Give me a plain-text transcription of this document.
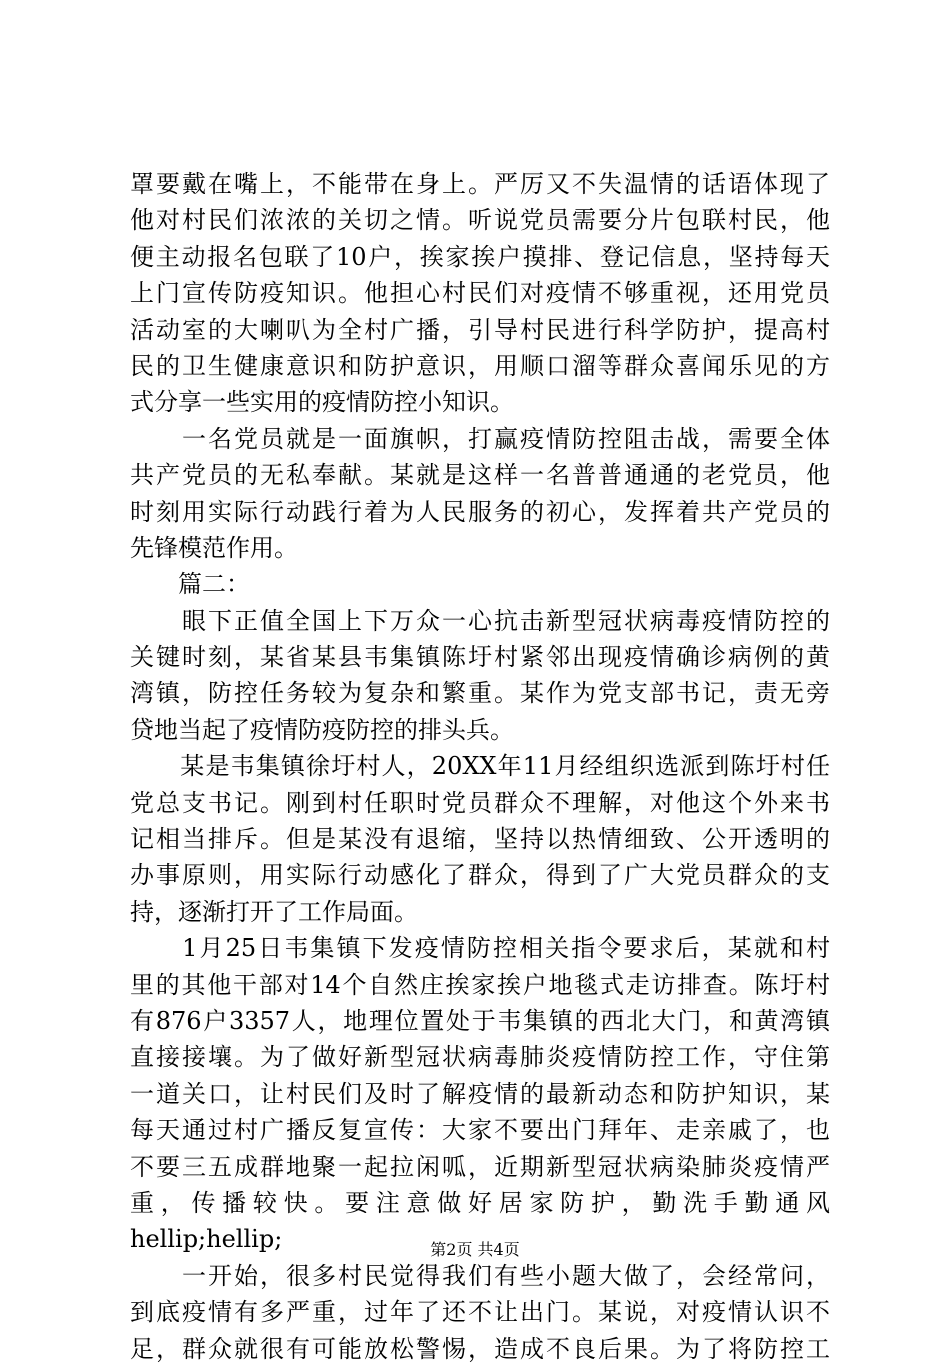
罩要戴在嘴上，不能带在身上。严厉又不失温情的话语体现了
他对村民们浓浓的关切之情。听说党员需要分片包联村民，他
便主动报名包联了10户，挨家挨户摸排、登记信息，坚持每天
上门宣传防疫知识。他担心村民们对疫情不够重视，还用党员
活动室的大喇叭为全村广播，引导村民进行科学防护，提高村
民的卫生健康意识和防护意识，用顺口溜等群众喜闻乐见的方
式分享一些实用的疫情防控小知识。
　　一名党员就是一面旗帜，打赢疫情防控阻击战，需要全体
共产党员的无私奉献。某就是这样一名普普通通的老党员，他
时刻用实际行动践行着为人民服务的初心，发挥着共产党员的
先锋模范作用。
　　篇二：
　　眼下正值全国上下万众一心抗击新型冠状病毒疫情防控的
关键时刻，某省某县韦集镇陈圩村紧邻出现疫情确诊病例的黄
湾镇，防控任务较为复杂和繁重。某作为党支部书记，责无旁
贷地当起了疫情防疫防控的排头兵。
　　某是韦集镇徐圩村人，20XX年11月经组织选派到陈圩村任
党总支书记。刚到村任职时党员群众不理解，对他这个外来书
记相当排斥。但是某没有退缩，坚持以热情细致、公开透明的
办事原则，用实际行动感化了群众，得到了广大党员群众的支
持，逐渐打开了工作局面。
　　1月25日韦集镇下发疫情防控相关指令要求后，某就和村
里的其他干部对14个自然庄挨家挨户地毯式走访排查。陈圩村
有876户3357人，地理位置处于韦集镇的西北大门，和黄湾镇
直接接壤。为了做好新型冠状病毒肺炎疫情防控工作，守住第
一道关口，让村民们及时了解疫情的最新动态和防护知识，某
每天通过村广播反复宣传：大家不要出门拜年、走亲戚了，也
不要三五成群地聚一起拉闲呱，近期新型冠状病染肺炎疫情严
重，传播较快。要注意做好居家防护，勤洗手勤通风
hellip;hellip;
　　一开始，很多村民觉得我们有些小题大做了，会经常问，
到底疫情有多严重，过年了还不让出门。某说，对疫情认识不
足，群众就很有可能放松警惕，造成不良后果。为了将防控工
第2页 共4页
